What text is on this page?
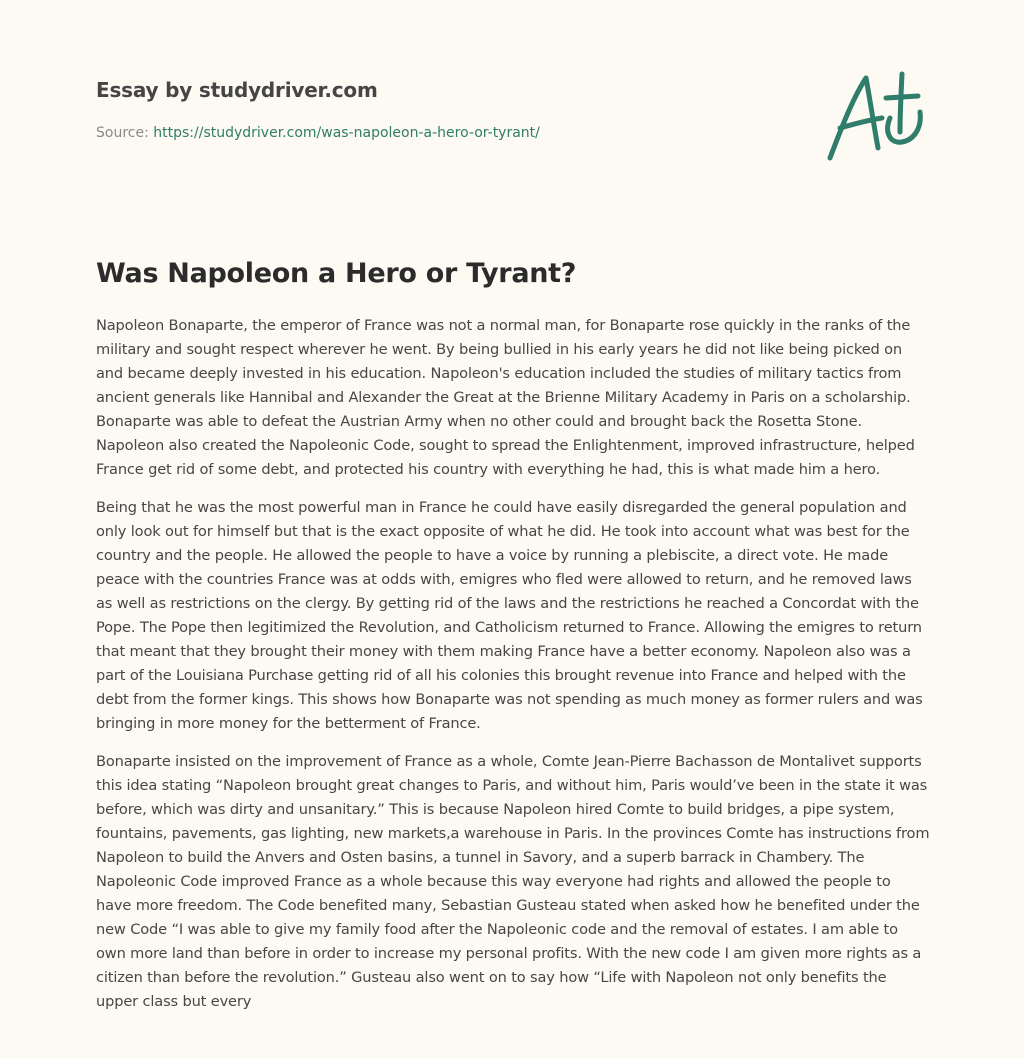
Essay by studydriver.com
Source: https://studydriver.com/was-napoleon-a-hero-or-tyrant/
Was Napoleon a Hero or Tyrant?

Napoleon Bonaparte, the emperor of France was not a normal man, for Bonaparte rose quickly in the ranks of the military and sought respect wherever he went. By being bullied in his early years he did not like being picked on and became deeply invested in his education. Napoleon's education included the studies of military tactics from ancient generals like Hannibal and Alexander the Great at the Brienne Military Academy in Paris on a scholarship. Bonaparte was able to defeat the Austrian Army when no other could and brought back the Rosetta Stone. Napoleon also created the Napoleonic Code, sought to spread the Enlightenment, improved infrastructure, helped France get rid of some debt, and protected his country with everything he had, this is what made him a hero.

Being that he was the most powerful man in France he could have easily disregarded the general population and only look out for himself but that is the exact opposite of what he did. He took into account what was best for the country and the people. He allowed the people to have a voice by running a plebiscite, a direct vote. He made peace with the countries France was at odds with, emigres who fled were allowed to return, and he removed laws as well as restrictions on the clergy. By getting rid of the laws and the restrictions he reached a Concordat with the Pope. The Pope then legitimized the Revolution, and Catholicism returned to France. Allowing the emigres to return that meant that they brought their money with them making France have a better economy. Napoleon also was a part of the Louisiana Purchase getting rid of all his colonies this brought revenue into France and helped with the debt from the former kings. This shows how Bonaparte was not spending as much money as former rulers and was bringing in more money for the betterment of France.

Bonaparte insisted on the improvement of France as a whole, Comte Jean-Pierre Bachasson de Montalivet supports this idea stating “Napoleon brought great changes to Paris, and without him, Paris would’ve been in the state it was before, which was dirty and unsanitary.” This is because Napoleon hired Comte to build bridges, a pipe system, fountains, pavements, gas lighting, new markets,a warehouse in Paris. In the provinces Comte has instructions from Napoleon to build the Anvers and Osten basins, a tunnel in Savory, and a superb barrack in Chambery. The Napoleonic Code improved France as a whole because this way everyone had rights and allowed the people to have more freedom. The Code benefited many, Sebastian Gusteau stated when asked how he benefited under the new Code “I was able to give my family food after the Napoleonic code and the removal of estates. I am able to own more land than before in order to increase my personal profits. With the new code I am given more rights as a citizen than before the revolution.” Gusteau also went on to say how “Life with Napoleon not only benefits the upper class but every
